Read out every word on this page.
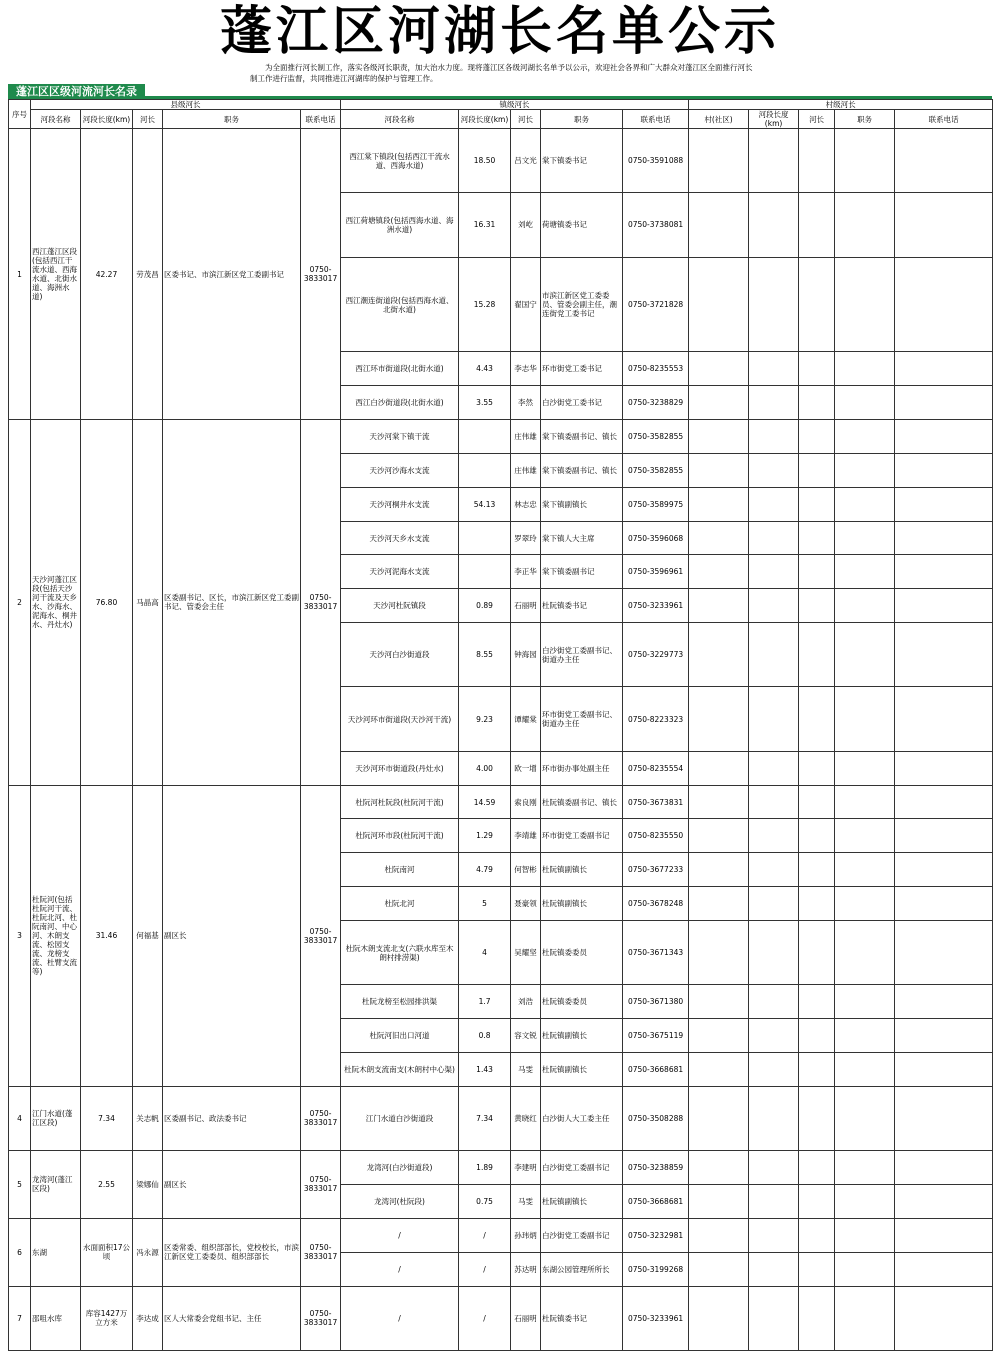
蓬江区河湖长名单公示
为全面推行河长制工作，落实各级河长职责，加大治水力度。现将蓬江区各级河湖长名单予以公示，欢迎社会各界和广大群众对蓬江区全面推行河长制工作进行监督，共同推进江河湖库的保护与管理工作。
蓬江区区级河流河长名录
序号	县级河长					镇级河长					村级河长				
	河段名称	河段长度(km)	河长	职务	联系电话	河段名称	河段长度(km)	河长	职务	联系电话	村(社区)	河段长度(km)	河长	职务	联系电话
1	西江蓬江区段(包括西江干流水道、西海水道、北街水道、海洲水道)	42.27	劳茂昌	区委书记、市滨江新区党工委副书记	0750-3833017	西江棠下镇段(包括西江干流水道、西海水道)	18.50	吕文光	棠下镇委书记	0750-3591088					
						西江荷塘镇段(包括西海水道、海洲水道)	16.31	刘屹	荷塘镇委书记	0750-3738081					
						西江潮连街道段(包括西海水道、北街水道)	15.28	翟国宁	市滨江新区党工委委员、管委会副主任，潮连街党工委书记	0750-3721828					
						西江环市街道段(北街水道)	4.43	李志华	环市街党工委书记	0750-8235553					
						西江白沙街道段(北街水道)	3.55	李然	白沙街党工委书记	0750-3238829					
2	天沙河蓬江区段(包括天沙河干流及天乡水、沙海水、泥海水、桐井水、丹灶水)	76.80	马晶高	区委副书记、区长，市滨江新区党工委副书记、管委会主任	0750-3833017	天沙河棠下镇干流		庄伟雄	棠下镇委副书记、镇长	0750-3582855					
						天沙河沙海水支流		庄伟雄	棠下镇委副书记、镇长	0750-3582855					
						天沙河桐井水支流	54.13	林志忠	棠下镇副镇长	0750-3589975					
						天沙河天乡水支流		罗翠玲	棠下镇人大主席	0750-3596068					
						天沙河泥海水支流		李正华	棠下镇委副书记	0750-3596961					
						天沙河杜阮镇段	0.89	石丽明	杜阮镇委书记	0750-3233961					
						天沙河白沙街道段	8.55	钟海园	白沙街党工委副书记、街道办主任	0750-3229773					
						天沙河环市街道段(天沙河干流)	9.23	谭耀棠	环市街党工委副书记、街道办主任	0750-8223323					
						天沙河环市街道段(丹灶水)	4.00	欧一增	环市街办事处副主任	0750-8235554					
3	杜阮河(包括杜阮河干流、杜阮北河、杜阮南河、中心河、木朗支流、松园支流、龙榜支流、杜臂支流等)	31.46	何福基	副区长	0750-3833017	杜阮河杜阮段(杜阮河干流)	14.59	索良刚	杜阮镇委副书记、镇长	0750-3673831					
						杜阮河环市段(杜阮河干流)	1.29	李靖雄	环市街党工委副书记	0750-8235550					
						杜阮南河	4.79	何智彬	杜阮镇副镇长	0750-3677233					
						杜阮北河	5	聂豪领	杜阮镇副镇长	0750-3678248					
						杜阮木朗支流北支(六联水库至木朗村排涝渠)	4	吴耀坚	杜阮镇委委员	0750-3671343					
						杜阮龙榜至松园排洪渠	1.7	刘浩	杜阮镇委委员	0750-3671380					
						杜阮河旧出口河道	0.8	容文锐	杜阮镇副镇长	0750-3675119					
						杜阮木朗支流南支(木朗村中心渠)	1.43	马雯	杜阮镇副镇长	0750-3668681					
4	江门水道(蓬江区段)	7.34	关志帆	区委副书记、政法委书记	0750-3833017	江门水道白沙街道段	7.34	黄晓红	白沙街人大工委主任	0750-3508288					
5	龙湾河(蓬江区段)	2.55	梁娜仙	副区长	0750-3833017	龙湾河(白沙街道段)	1.89	李建明	白沙街党工委副书记	0750-3238859					
						龙湾河(杜阮段)	0.75	马雯	杜阮镇副镇长	0750-3668681					
6	东湖	水面面积17公顷	冯永源	区委常委、组织部部长，党校校长，市滨江新区党工委委员、组织部部长	0750-3833017	/	/	孙玮炳	白沙街党工委副书记	0750-3232981					
						/	/	苏达明	东湖公园管理所所长	0750-3199268					
7	邵咀水库	库容1427万立方米	李达成	区人大常委会党组书记、主任	0750-3833017	/	/	石丽明	杜阮镇委书记	0750-3233961					
